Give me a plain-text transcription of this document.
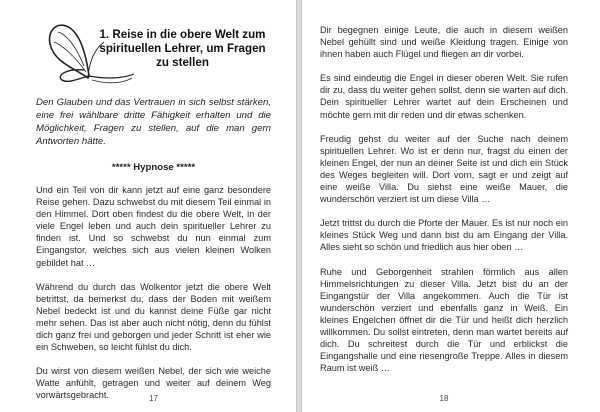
1. Reise in die obere Welt zum spirituellen Lehrer, um Fragen zu stellen
Den Glauben und das Vertrauen in sich selbst stärken, eine frei wählbare dritte Fähigkeit erhalten und die Möglichkeit, Fragen zu stellen, auf die man gern Antworten hätte.
***** Hypnose *****

Und ein Teil von dir kann jetzt auf eine ganz besondere Reise gehen. Dazu schwebst du mit diesem Teil einmal in den Himmel. Dort oben findest du die obere Welt, in der viele Engel leben und auch dein spiritueller Lehrer zu finden ist. Und so schwebst du nun einmal zum Eingangstor, welches sich aus vielen kleinen Wolken gebildet hat …

Während du durch das Wolkentor jetzt die obere Welt betrittst, da bemerkst du, dass der Boden mit weißem Nebel bedeckt ist und du kannst deine Füße gar nicht mehr sehen. Das ist aber auch nicht nötig, denn du fühlst dich ganz frei und geborgen und jeder Schritt ist eher wie ein Schweben, so leicht fühlst du dich.

Du wirst von diesem weißen Nebel, der sich wie weiche Watte anfühlt, getragen und weiter auf deinem Weg vorwärtsgebracht.	17

Dir begegnen einige Leute, die auch in diesem weißen Nebel gehüllt sind und weiße Kleidung tragen. Einige von ihnen haben auch Flügel und fliegen an dir vorbei.

Es sind eindeutig die Engel in dieser oberen Welt. Sie rufen dir zu, dass du weiter gehen sollst, denn sie warten auf dich. Dein spiritueller Lehrer wartet auf dein Erscheinen und möchte gern mit dir reden und dir etwas schenken.

Freudig gehst du weiter auf der Suche nach deinem spirituellen Lehrer. Wo ist er denn nur, fragst du einen der kleinen Engel, der nun an deiner Seite ist und dich ein Stück des Weges begleiten will. Dort vorn, sagt er und zeigt auf eine weiße Villa. Du siehst eine weiße Mauer, die wunderschön verziert ist um diese Villa …

Jetzt trittst du durch die Pforte der Mauer. Es ist nur noch ein kleines Stück Weg und dann bist du am Eingang der Villa. Alles sieht so schön und friedlich aus hier oben …

Ruhe und Geborgenheit strahlen förmlich aus allen Himmelsrichtungen zu dieser Villa. Jetzt bist du an der Eingangstür der Villa angekommen. Auch die Tür ist wunderschön verziert und ebenfalls ganz in Weiß. Ein kleines Engelchen öffnet dir die Tür und heißt dich herzlich willkommen. Du sollst eintreten, denn man wartet bereits auf dich. Du schreitest durch die Tür und erblickst die Eingangshalle und eine riesengroße Treppe. Alles in diesem Raum ist weiß …

18
